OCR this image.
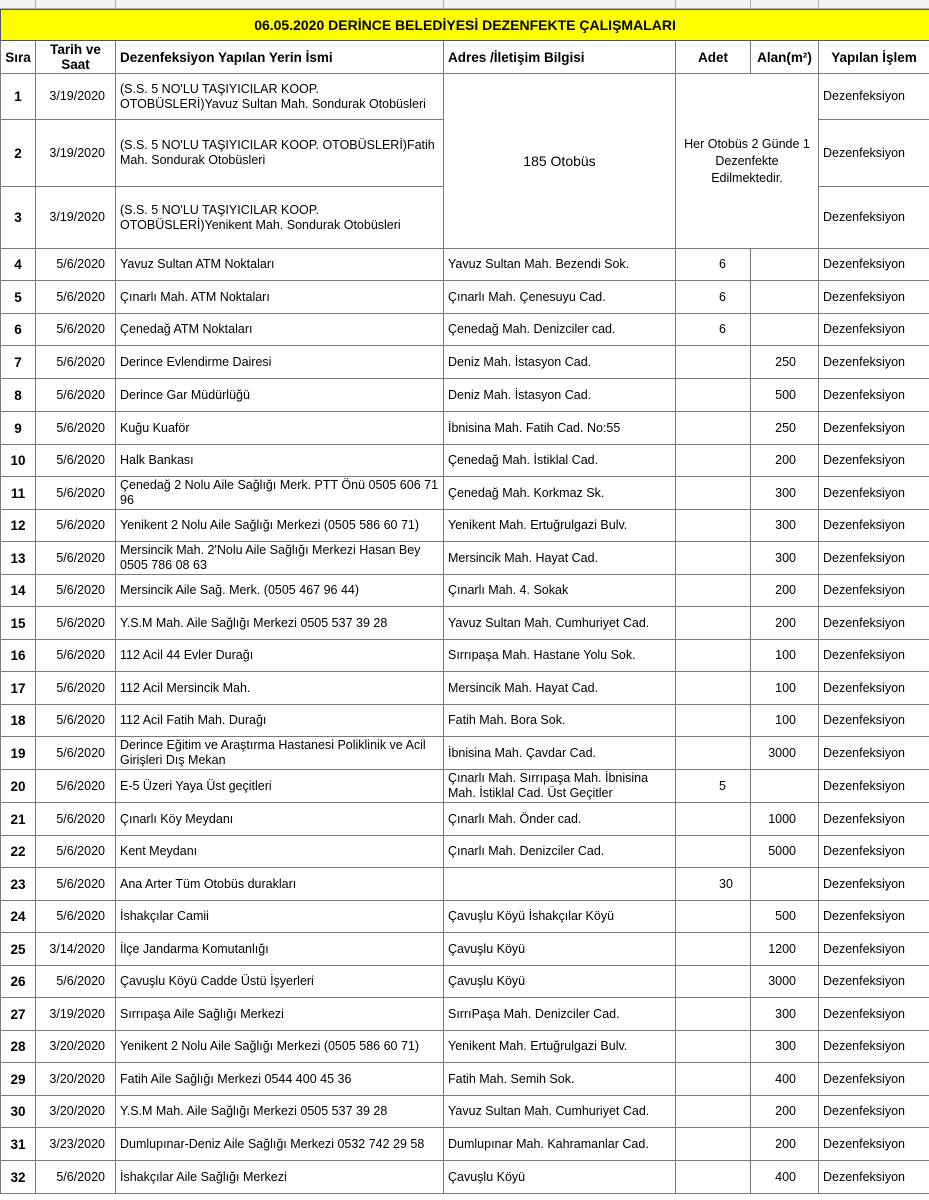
06.05.2020 DERİNCE BELEDİYESİ DEZENFEKTE ÇALIŞMALARI						
Sıra	Tarih ve Saat	Dezenfeksiyon Yapılan Yerin İsmi	Adres /İletişim Bilgisi	Adet	Alan(m²)	Yapılan İşlem
1	3/19/2020	(S.S. 5 NO'LU TAŞIYICILAR KOOP. OTOBÜSLERİ)Yavuz Sultan Mah. Sondurak Otobüsleri	185 Otobüs	Her Otobüs 2 Günde 1 Dezenfekte Edilmektedir.		Dezenfeksiyon
2	3/19/2020	(S.S. 5 NO'LU TAŞIYICILAR KOOP. OTOBÜSLERİ)Fatih Mah. Sondurak Otobüsleri				Dezenfeksiyon
3	3/19/2020	(S.S. 5 NO'LU TAŞIYICILAR KOOP. OTOBÜSLERİ)Yenikent Mah. Sondurak Otobüsleri				Dezenfeksiyon
4	5/6/2020	Yavuz Sultan ATM Noktaları	Yavuz Sultan Mah. Bezendi Sok.	6		Dezenfeksiyon
5	5/6/2020	Çınarlı Mah. ATM Noktaları	Çınarlı Mah. Çenesuyu Cad.	6		Dezenfeksiyon
6	5/6/2020	Çenedağ ATM Noktaları	Çenedağ Mah. Denizciler cad.	6		Dezenfeksiyon
7	5/6/2020	Derince Evlendirme Dairesi	Deniz Mah. İstasyon Cad.		250	Dezenfeksiyon
8	5/6/2020	Derince Gar Müdürlüğü	Deniz Mah. İstasyon Cad.		500	Dezenfeksiyon
9	5/6/2020	Kuğu Kuaför	İbnisina Mah. Fatih Cad. No:55		250	Dezenfeksiyon
10	5/6/2020	Halk Bankası	Çenedağ Mah. İstiklal Cad.		200	Dezenfeksiyon
11	5/6/2020	Çenedağ 2 Nolu Aile Sağlığı Merk. PTT Önü 0505 606 71 96	Çenedağ Mah. Korkmaz Sk.		300	Dezenfeksiyon
12	5/6/2020	Yenikent 2 Nolu Aile Sağlığı Merkezi (0505 586 60 71)	Yenikent Mah. Ertuğrulgazi Bulv.		300	Dezenfeksiyon
13	5/6/2020	Mersincik Mah. 2'Nolu Aile Sağlığı Merkezi Hasan Bey 0505 786 08 63	Mersincik Mah. Hayat Cad.		300	Dezenfeksiyon
14	5/6/2020	Mersincik Aile Sağ. Merk. (0505 467 96 44)	Çınarlı Mah. 4. Sokak		200	Dezenfeksiyon
15	5/6/2020	Y.S.M Mah. Aile Sağlığı Merkezi 0505 537 39 28	Yavuz Sultan Mah. Cumhuriyet Cad.		200	Dezenfeksiyon
16	5/6/2020	112 Acil 44 Evler Durağı	Sırrıpaşa Mah. Hastane Yolu Sok.		100	Dezenfeksiyon
17	5/6/2020	112 Acil Mersincik Mah.	Mersincik Mah. Hayat Cad.		100	Dezenfeksiyon
18	5/6/2020	112 Acil Fatih Mah. Durağı	Fatih Mah. Bora Sok.		100	Dezenfeksiyon
19	5/6/2020	Derince Eğitim ve Araştırma Hastanesi Poliklinik ve Acil Girişleri Dış Mekan	İbnisina Mah. Çavdar Cad.		3000	Dezenfeksiyon
20	5/6/2020	E-5 Üzeri Yaya Üst geçitleri	Çınarlı Mah. Sırrıpaşa Mah. İbnisina Mah. İstiklal Cad. Üst Geçitler	5		Dezenfeksiyon
21	5/6/2020	Çınarlı Köy Meydanı	Çınarlı Mah. Önder cad.		1000	Dezenfeksiyon
22	5/6/2020	Kent Meydanı	Çınarlı Mah. Denizciler Cad.		5000	Dezenfeksiyon
23	5/6/2020	Ana Arter Tüm Otobüs durakları		30		Dezenfeksiyon
24	5/6/2020	İshakçılar Camii	Çavuşlu Köyü İshakçılar Köyü		500	Dezenfeksiyon
25	3/14/2020	İlçe Jandarma Komutanlığı	Çavuşlu Köyü		1200	Dezenfeksiyon
26	5/6/2020	Çavuşlu Köyü Cadde Üstü İşyerleri	Çavuşlu Köyü		3000	Dezenfeksiyon
27	3/19/2020	Sırrıpaşa Aile Sağlığı Merkezi	SırrıPaşa Mah. Denizciler Cad.		300	Dezenfeksiyon
28	3/20/2020	Yenikent 2 Nolu Aile Sağlığı Merkezi (0505 586 60 71)	Yenikent Mah. Ertuğrulgazi Bulv.		300	Dezenfeksiyon
29	3/20/2020	Fatih Aile Sağlığı Merkezi 0544 400 45 36	Fatih Mah. Semih Sok.		400	Dezenfeksiyon
30	3/20/2020	Y.S.M Mah. Aile Sağlığı Merkezi 0505 537 39 28	Yavuz Sultan Mah. Cumhuriyet Cad.		200	Dezenfeksiyon
31	3/23/2020	Dumlupınar-Deniz Aile Sağlığı Merkezi 0532 742 29 58	Dumlupınar Mah. Kahramanlar Cad.		200	Dezenfeksiyon
32	5/6/2020	İshakçılar Aile Sağlığı Merkezi	Çavuşlu Köyü		400	Dezenfeksiyon
